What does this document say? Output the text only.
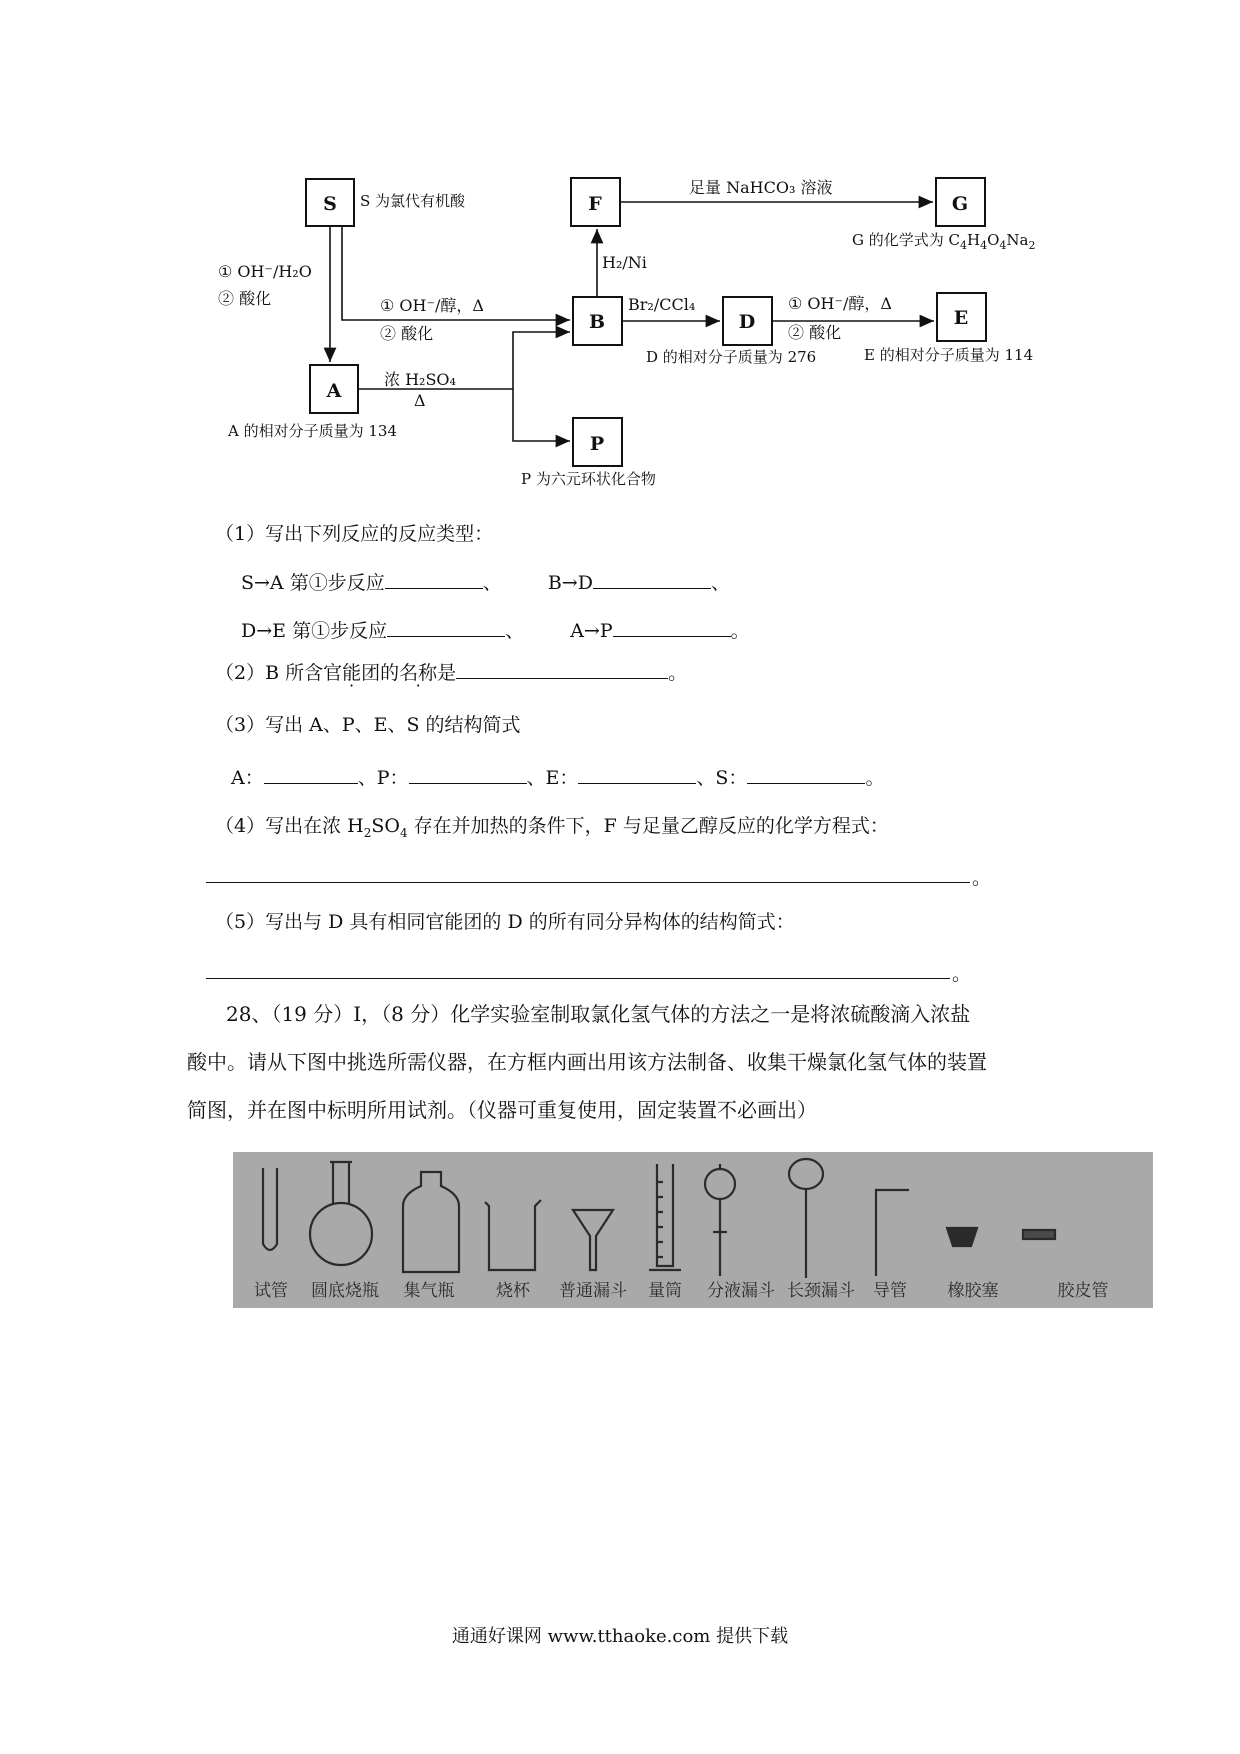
S
A
B
F	G
D	E
P
① OH⁻/H₂O
② 酸化	① OH⁻/醇，Δ
② 酸化
浓 H₂SO₄
Δ
H₂/Ni
足量 NaHCO₃ 溶液
Br₂/CCl₄	① OH⁻/醇，Δ
② 酸化
S 为氯代有机酸
A 的相对分子质量为 134
G 的化学式为 $C_4H_4O_4Na_2$
D 的相对分子质量为 276	E 的相对分子质量为 114
P 为六元环状化合物
（1）写出下列反应的反应类型：
S→A 第①步反应	、 B→D	、
D→E 第①步反应	、 A→P	。
（2）B 所含官能团的名称是	。
（3）写出 A、P、E、S 的结构简式
A：	、P：	、E：	、S：	。
（4）写出在浓 $H_2SO_4$ 存在并加热的条件下，F 与足量乙醇反应的化学方程式：
。
（5）写出与 D 具有相同官能团的 D 的所有同分异构体的结构简式：
。
28、（19 分）Ⅰ，（8 分）化学实验室制取氯化氢气体的方法之一是将浓硫酸滴入浓盐
酸中。请从下图中挑选所需仪器，在方框内画出用该方法制备、收集干燥氯化氢气体的装置
简图，并在图中标明所用试剂。（仪器可重复使用，固定装置不必画出）
试管 圆底烧瓶 集气瓶 烧杯 普通漏斗 量筒 分液漏斗 长颈漏斗 导管 橡胶塞	胶皮管
通通好课网 www.tthaoke.com 提供下载
